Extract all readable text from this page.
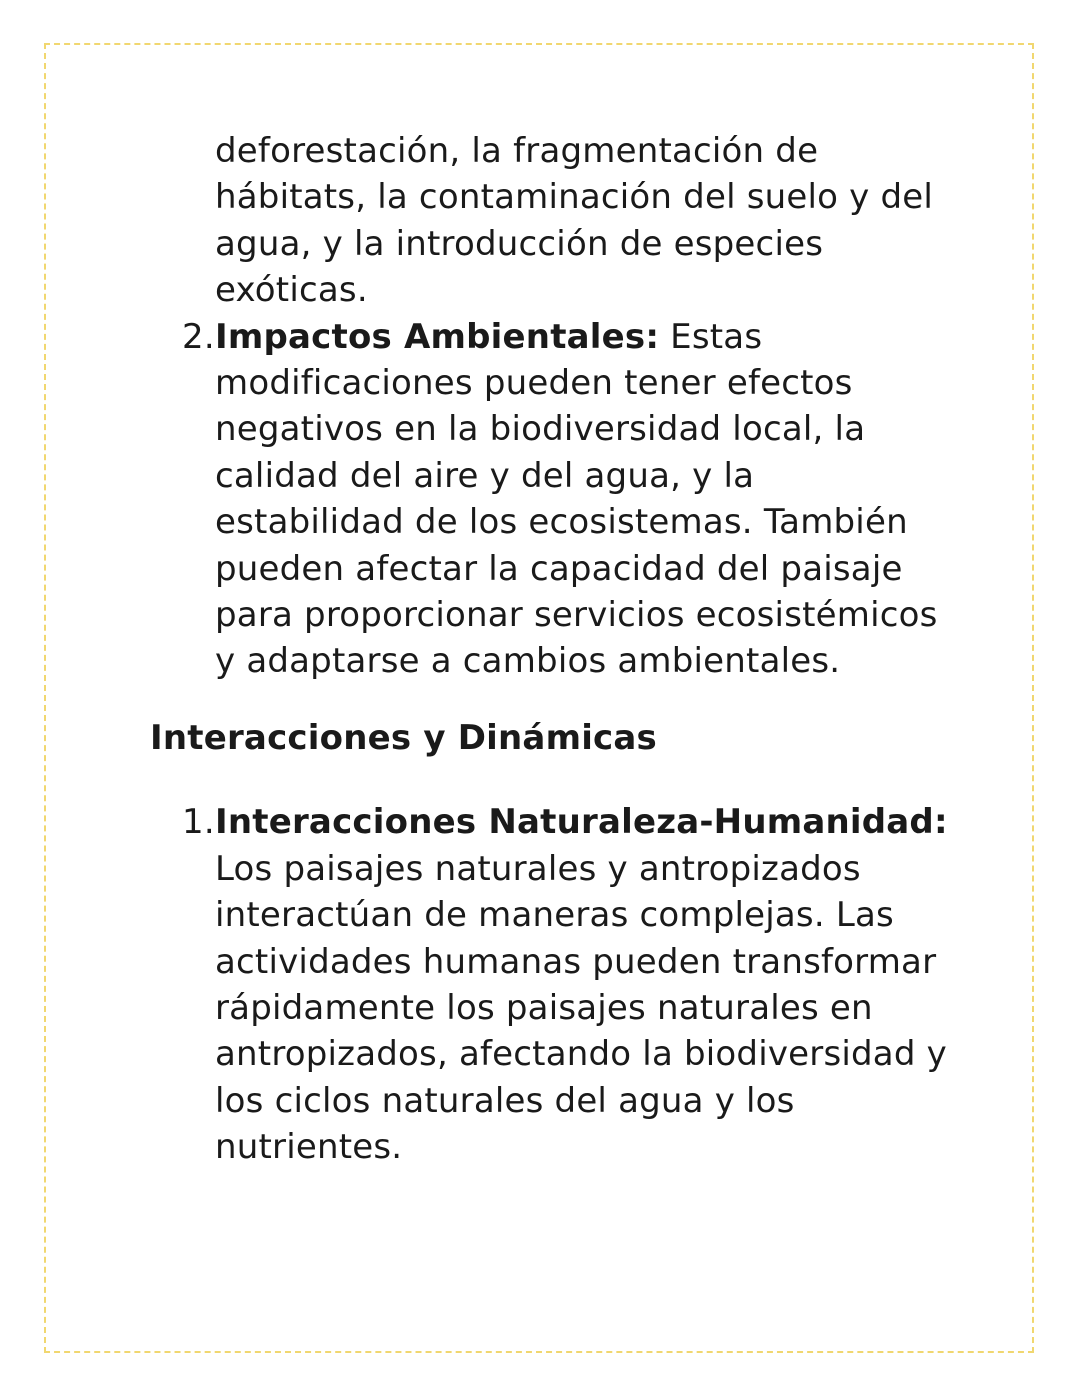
deforestación, la fragmentación de hábitats, la contaminación del suelo y del agua, y la introducción de especies exóticas.
2. Impactos Ambientales: Estas modificaciones pueden tener efectos negativos en la biodiversidad local, la calidad del aire y del agua, y la estabilidad de los ecosistemas. También pueden afectar la capacidad del paisaje para proporcionar servicios ecosistémicos y adaptarse a cambios ambientales.
Interacciones y Dinámicas
1. Interacciones Naturaleza-Humanidad: Los paisajes naturales y antropizados interactúan de maneras complejas. Las actividades humanas pueden transformar rápidamente los paisajes naturales en antropizados, afectando la biodiversidad y los ciclos naturales del agua y los nutrientes.
